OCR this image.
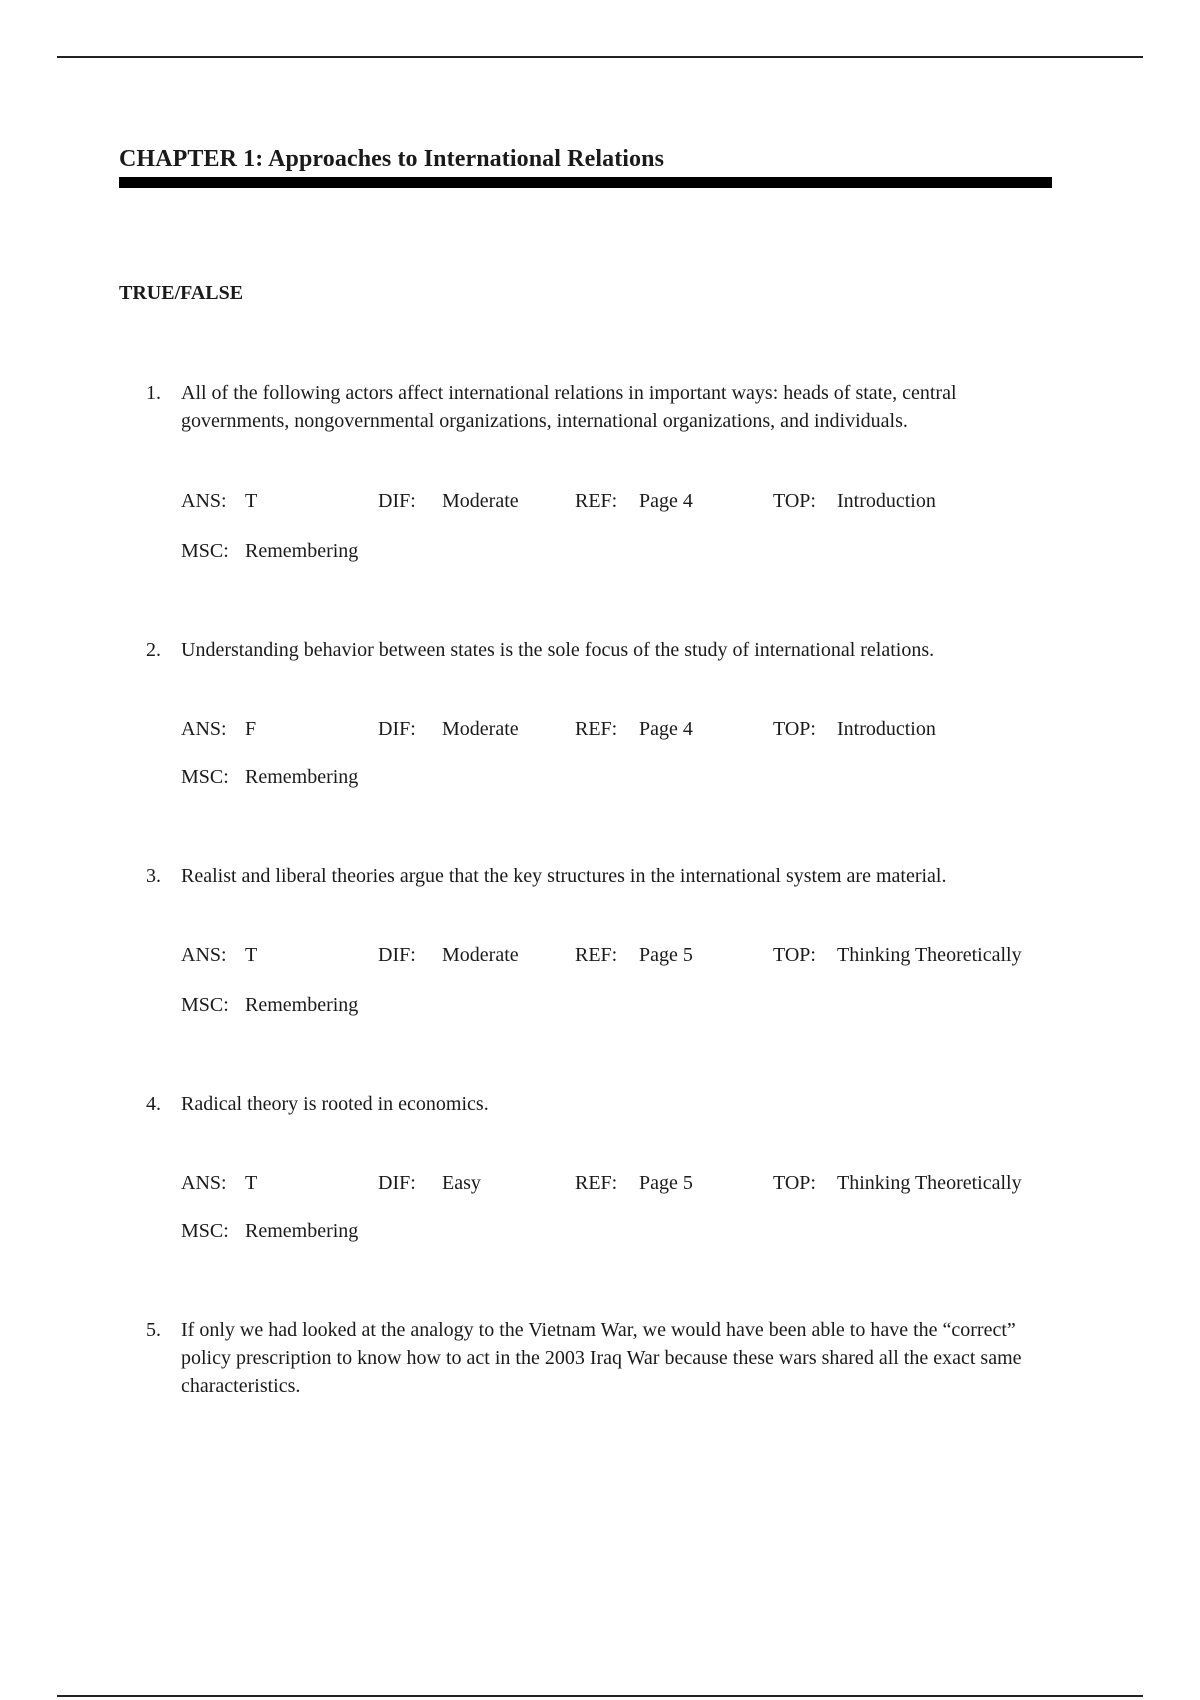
CHAPTER 1: Approaches to International Relations
TRUE/FALSE
1. All of the following actors affect international relations in important ways: heads of state, central governments, nongovernmental organizations, international organizations, and individuals.
ANS: T	DIF: Moderate	REF: Page 4	TOP: Introduction
MSC: Remembering
2. Understanding behavior between states is the sole focus of the study of international relations.
ANS: F	DIF: Moderate	REF: Page 4	TOP: Introduction
MSC: Remembering
3. Realist and liberal theories argue that the key structures in the international system are material.
ANS: T	DIF: Moderate	REF: Page 5	TOP: Thinking Theoretically
MSC: Remembering
4. Radical theory is rooted in economics.
ANS: T	DIF: Easy	REF: Page 5	TOP: Thinking Theoretically
MSC: Remembering
5. If only we had looked at the analogy to the Vietnam War, we would have been able to have the “correct” policy prescription to know how to act in the 2003 Iraq War because these wars shared all the exact same characteristics.
